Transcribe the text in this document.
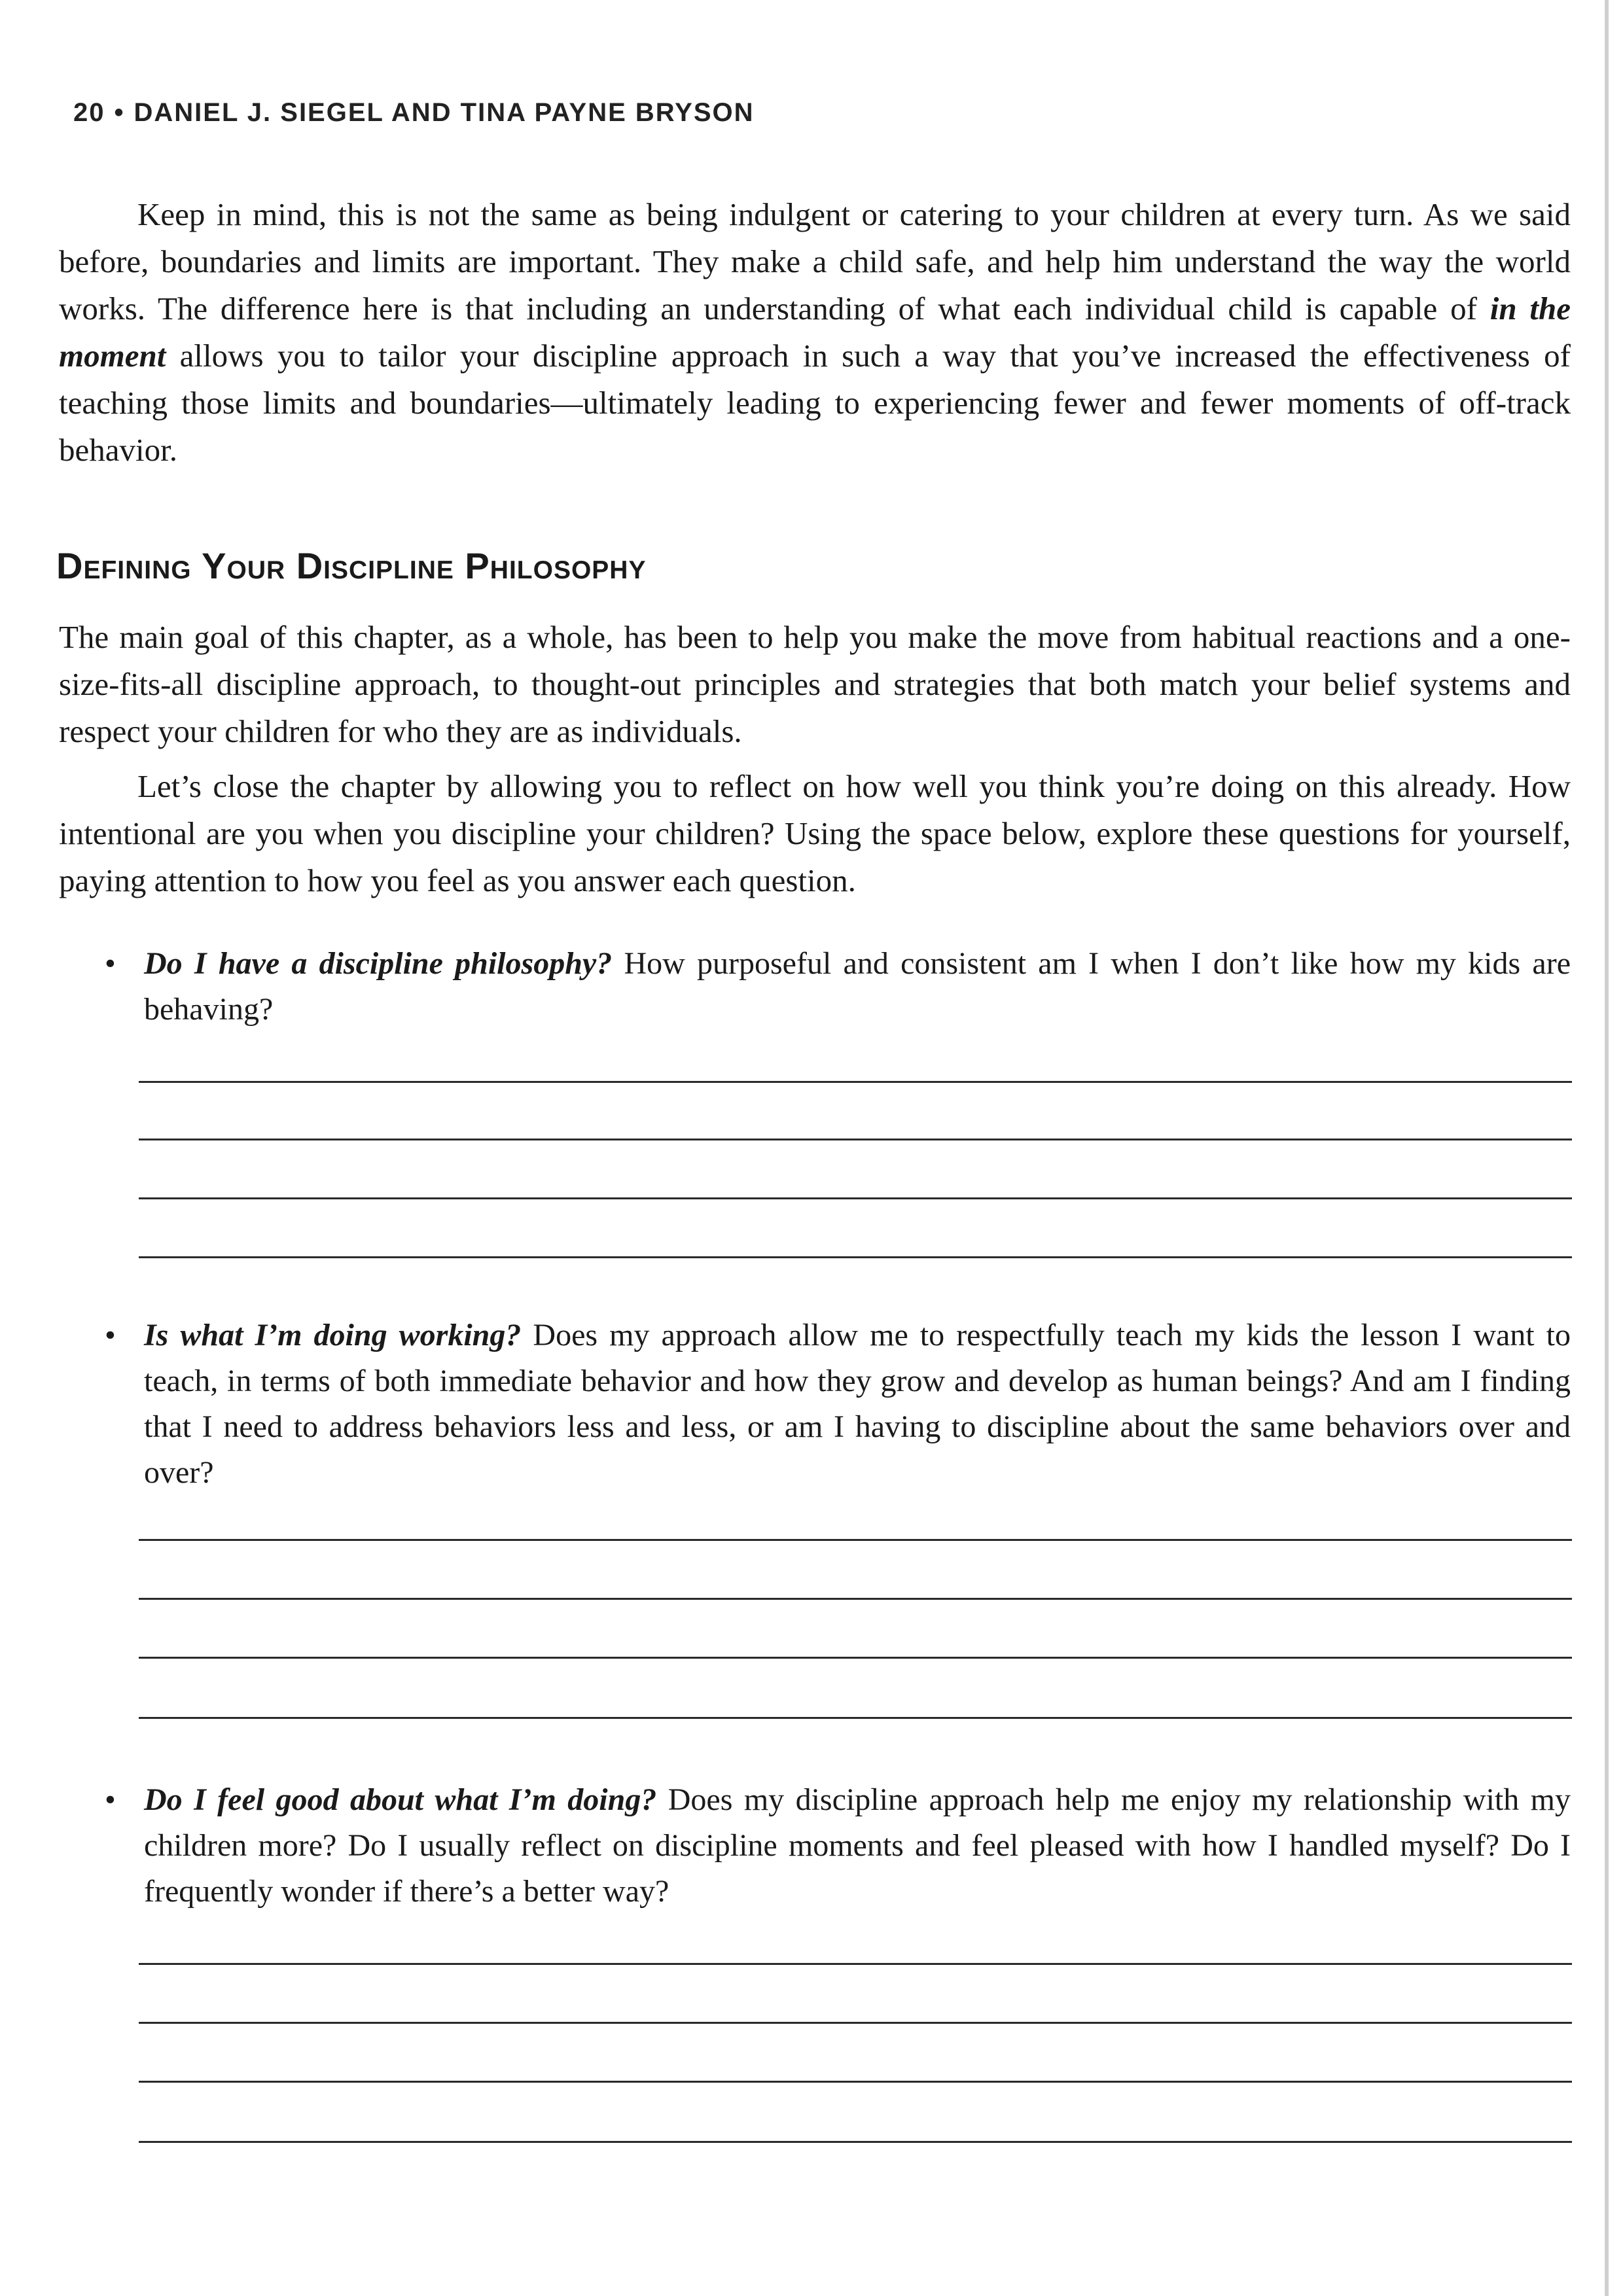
20 • DANIEL J. SIEGEL AND TINA PAYNE BRYSON

Keep in mind, this is not the same as being indulgent or catering to your children at every turn. As we said before, boundaries and limits are important. They make a child safe, and help him understand the way the world works. The difference here is that including an understanding of what each individual child is capable of in the moment allows you to tailor your discipline approach in such a way that you’ve increased the effectiveness of teaching those limits and boundaries—ultimately leading to experiencing fewer and fewer moments of off-track behavior.

Defining Your Discipline Philosophy

The main goal of this chapter, as a whole, has been to help you make the move from habitual reactions and a one-size-fits-all discipline approach, to thought-out principles and strategies that both match your belief systems and respect your children for who they are as individuals.

Let’s close the chapter by allowing you to reflect on how well you think you’re doing on this already. How intentional are you when you discipline your children? Using the space below, explore these questions for yourself, paying attention to how you feel as you answer each question.

• Do I have a discipline philosophy? How purposeful and consistent am I when I don’t like how my kids are behaving?

• Is what I’m doing working? Does my approach allow me to respectfully teach my kids the lesson I want to teach, in terms of both immediate behavior and how they grow and develop as human beings? And am I finding that I need to address behaviors less and less, or am I having to discipline about the same behaviors over and over?

• Do I feel good about what I’m doing? Does my discipline approach help me enjoy my relationship with my children more? Do I usually reflect on discipline moments and feel pleased with how I handled myself? Do I frequently wonder if there’s a better way?
